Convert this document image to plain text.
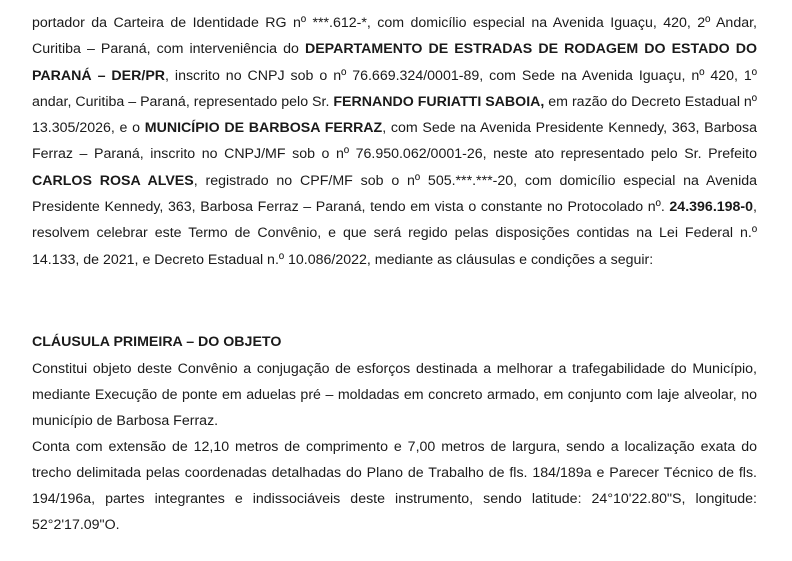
portador da Carteira de Identidade RG nº ***.612-*, com domicílio especial na Avenida Iguaçu, 420, 2º Andar, Curitiba – Paraná, com interveniência do DEPARTAMENTO DE ESTRADAS DE RODAGEM DO ESTADO DO PARANÁ – DER/PR, inscrito no CNPJ sob o nº 76.669.324/0001-89, com Sede na Avenida Iguaçu, nº 420, 1º andar, Curitiba – Paraná, representado pelo Sr. FERNANDO FURIATTI SABOIA, em razão do Decreto Estadual nº 13.305/2026, e o MUNICÍPIO DE BARBOSA FERRAZ, com Sede na Avenida Presidente Kennedy, 363, Barbosa Ferraz – Paraná, inscrito no CNPJ/MF sob o nº 76.950.062/0001-26, neste ato representado pelo Sr. Prefeito CARLOS ROSA ALVES, registrado no CPF/MF sob o nº 505.***.***-20, com domicílio especial na Avenida Presidente Kennedy, 363, Barbosa Ferraz – Paraná, tendo em vista o constante no Protocolado nº. 24.396.198-0, resolvem celebrar este Termo de Convênio, e que será regido pelas disposições contidas na Lei Federal n.º 14.133, de 2021, e Decreto Estadual n.º 10.086/2022, mediante as cláusulas e condições a seguir:

CLÁUSULA PRIMEIRA – DO OBJETO

Constitui objeto deste Convênio a conjugação de esforços destinada a melhorar a trafegabilidade do Município, mediante Execução de ponte em aduelas pré – moldadas em concreto armado, em conjunto com laje alveolar, no município de Barbosa Ferraz.

Conta com extensão de 12,10 metros de comprimento e 7,00 metros de largura, sendo a localização exata do trecho delimitada pelas coordenadas detalhadas do Plano de Trabalho de fls. 184/189a e Parecer Técnico de fls. 194/196a, partes integrantes e indissociáveis deste instrumento, sendo latitude: 24°10'22.80"S, longitude: 52°2'17.09"O.
